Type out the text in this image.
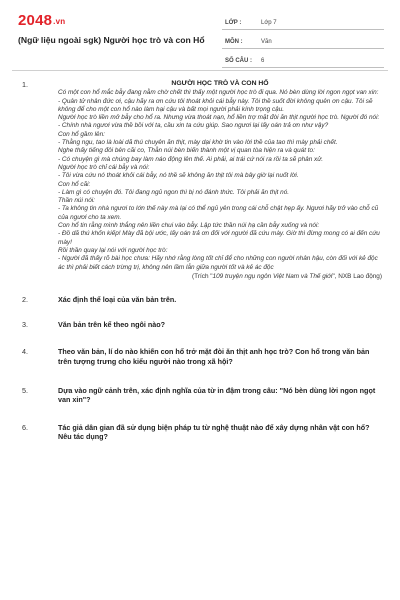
2048.vn
(Ngữ liệu ngoài sgk) Người học trò và con Hổ
LỚP :	Lớp 7
MÔN :	Văn
SỐ CÂU :	6
1.	NGƯỜI HỌC TRÒ VÀ CON HỔ

Có một con hổ mắc bẫy đang nằm chờ chết thì thấy một người học trò đi qua. Nó bèn dùng lời ngon ngọt van xin:

- Quân tử nhân đức ơi, cậu hãy ra ơn cứu tôi thoát khỏi cái bẫy này. Tôi thề suốt đời không quên ơn cậu. Tôi sẽ không để cho một con hổ nào làm hại cậu và bất mọi người phải kính trọng cậu.

Người học trò liền mở bẫy cho hổ ra. Nhưng vừa thoát nạn, hổ liền trợ mặt đòi ăn thịt người học trò. Người đó nói:

- Chính nhà ngươi vừa thề bồi với ta, cầu xin ta cứu giúp. Sao ngươi lại lấy oán trả ơn như vậy?

Con hổ gầm lên:

- Thằng ngu, tao là loài dã thú chuyên ăn thịt, mày dại khờ tin vào lời thề của tao thì mày phải chết.

Nghe thấy tiếng đôi bên cãi co, Thằn núi bèn biến thành một vị quan tòa hiện ra và quát to:

- Có chuyện gì mà chúng bay làm náo động lên thế. Ai phải, ai trái cứ nói ra rồi ta sẽ phân xử.

Người học trò chỉ cái bẫy và nói:

- Tôi vừa cứu nó thoát khỏi cái bẫy, nó thề sẽ không ăn thịt tôi mà bây giờ lại nuốt lời.

Con hổ cãi:

- Làm gì có chuyện đó. Tôi đang ngủ ngon thì bị nó đánh thức. Tôi phải ăn thịt nó.

Thần núi nói:

- Ta không tin nhà ngươi to lớn thế này mà lại có thể ngủ yên trong cái chỗ chật hẹp ấy. Ngươi hãy trở vào chỗ cũ của ngươi cho ta xem.

Con hổ tin rằng mình thắng nên liền chui vào bẫy. Lập tức thần núi hạ cần bẫy xuống và nói:

- Đồ dã thú khốn kiếp! Mày đã bội ước, lấy oán trả ơn đối với người đã cứu mày. Giờ thì đừng mong có ai đến cứu mày!

Rồi thần quay lại nói với người học trò:

- Người đã thấy rõ bài học chưa: Hãy nhớ rằng lòng tốt chỉ để cho những con người nhân hậu, còn đối với kẻ độc ác thì phải biết cách trừng trị, không nên lầm lẫn giữa người tốt và kẻ ác độc

(Trích "109 truyện ngụ ngôn Việt Nam và Thế giới", NXB Lao động)
2.	Xác định thể loại của văn bản trên.
3.	Văn bản trên kể theo ngôi nào?
4.	Theo văn bản, lí do nào khiến con hổ trở mặt đòi ăn thịt anh học trò? Con hổ trong văn bản trên tượng trưng cho kiểu người nào trong xã hội?
5.	Dựa vào ngữ cảnh trên, xác định nghĩa của từ in đậm trong câu: "Nó bèn dùng lời ngon ngọt van xin"?
6.	Tác giả dân gian đã sử dụng biện pháp tu từ nghệ thuật nào để xây dựng nhân vật con hổ? Nêu tác dụng?
